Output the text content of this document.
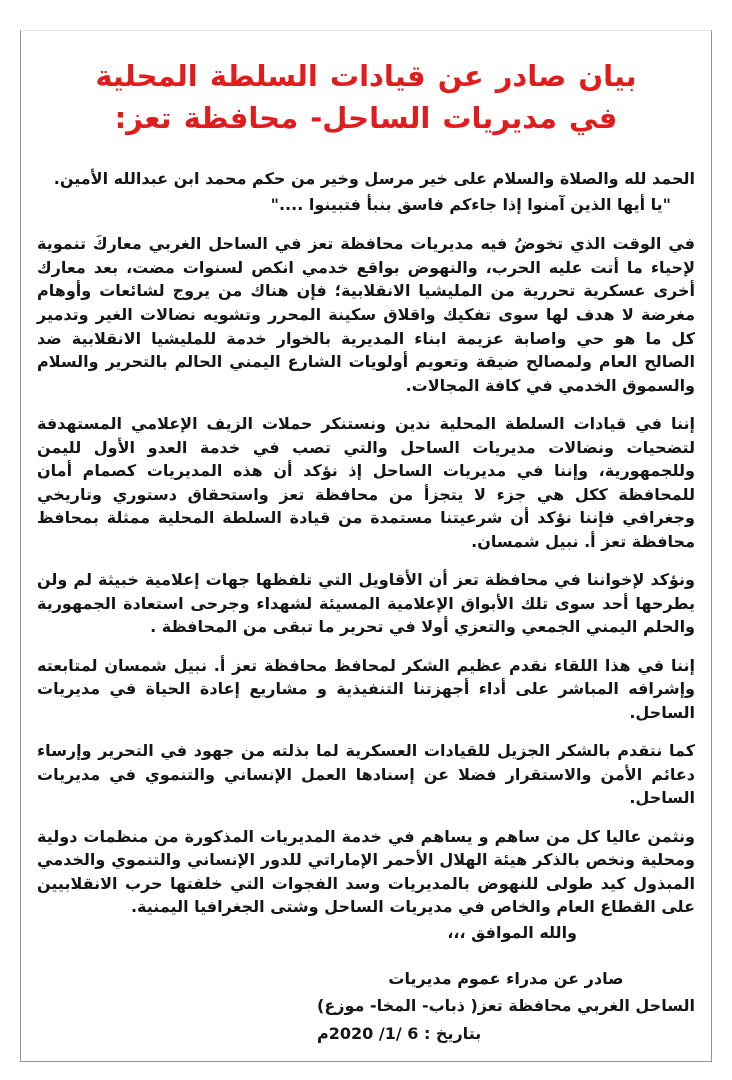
بيان صادر عن قيادات السلطة المحلية
في مديريات الساحل- محافظة تعز:

الحمد لله والصلاة والسلام على خير مرسل وخير من حكم محمد ابن عبدالله الأمين.

"يا أيها الذين آمنوا إذا جاءكم فاسق بنبأ فتبينوا ...."

في الوقت الذي تخوضُ فيه مديريات محافظة تعز في الساحل الغربي معاركَ تنموية لإحياء ما أتت عليه الحرب، والنهوض بواقع خدمي انكص لسنوات مضت، بعد معارك أخرى عسكرية تحررية من المليشيا الانقلابية؛ فإن هناك من يروج لشائعات وأوهام مغرضة لا هدف لها سوى تفكيك واقلاق سكينة المحرر وتشويه نضالات الغير وتدمير كل ما هو حي واصابة عزيمة ابناء المديرية بالخوار خدمة للمليشيا الانقلابية ضد الصالح العام ولمصالح ضيقة وتعويم أولويات الشارع اليمني الحالم بالتحرير والسلام والسموق الخدمي في كافة المجالات.

إننا في قيادات السلطة المحلية ندين ونستنكر حملات الزيف الإعلامي المستهدفة لتضحيات ونضالات مديريات الساحل والتي تصب في خدمة العدو الأول لليمن وللجمهورية، وإننا في مديريات الساحل إذ نؤكد أن هذه المديريات كصمام أمان للمحافظة ككل هي جزء لا يتجزأ من محافظة تعز واستحقاق دستوري وتاريخي وجغرافي فإننا نؤكد أن شرعيتنا مستمدة من قيادة السلطة المحلية ممثلة بمحافظ محافظة تعز أ. نبيل شمسان.

ونؤكد لإخواننا في محافظة تعز أن الأقاويل التي تلفظها جهات إعلامية خبيثة لم ولن يطرحها أحد سوى تلك الأبواق الإعلامية المسيئة لشهداء وجرحى استعادة الجمهورية والحلم اليمني الجمعي والتعزي أولا في تحرير ما تبقى من المحافظة .

إننا في هذا اللقاء نقدم عظيم الشكر لمحافظ محافظة تعز أ. نبيل شمسان لمتابعته وإشرافه المباشر على أداء أجهزتنا التنفيذية و مشاريع إعادة الحياة في مديريات الساحل.

كما نتقدم بالشكر الجزيل للقيادات العسكرية لما بذلته من جهود في التحرير وإرساء دعائم الأمن والاستقرار فضلا عن إسنادها العمل الإنساني والتنموي في مديريات الساحل.

ونثمن عاليا كل من ساهم و يساهم في خدمة المديريات المذكورة من منظمات دولية ومحلية ونخص بالذكر هيئة الهلال الأحمر الإماراتي للدور الإنساني والتنموي والخدمي المبذول كيد طولى للنهوض بالمديريات وسد الفجوات التي خلفتها حرب الانقلابيين على القطاع العام والخاص في مديريات الساحل وشتى الجغرافيا اليمنية.

والله الموافق ،،،

صادر عن مدراء عموم مديريات
الساحل الغربي محافظة تعز( ذباب- المخا- موزع)
بتاريخ : 6 /1/ 2020م
